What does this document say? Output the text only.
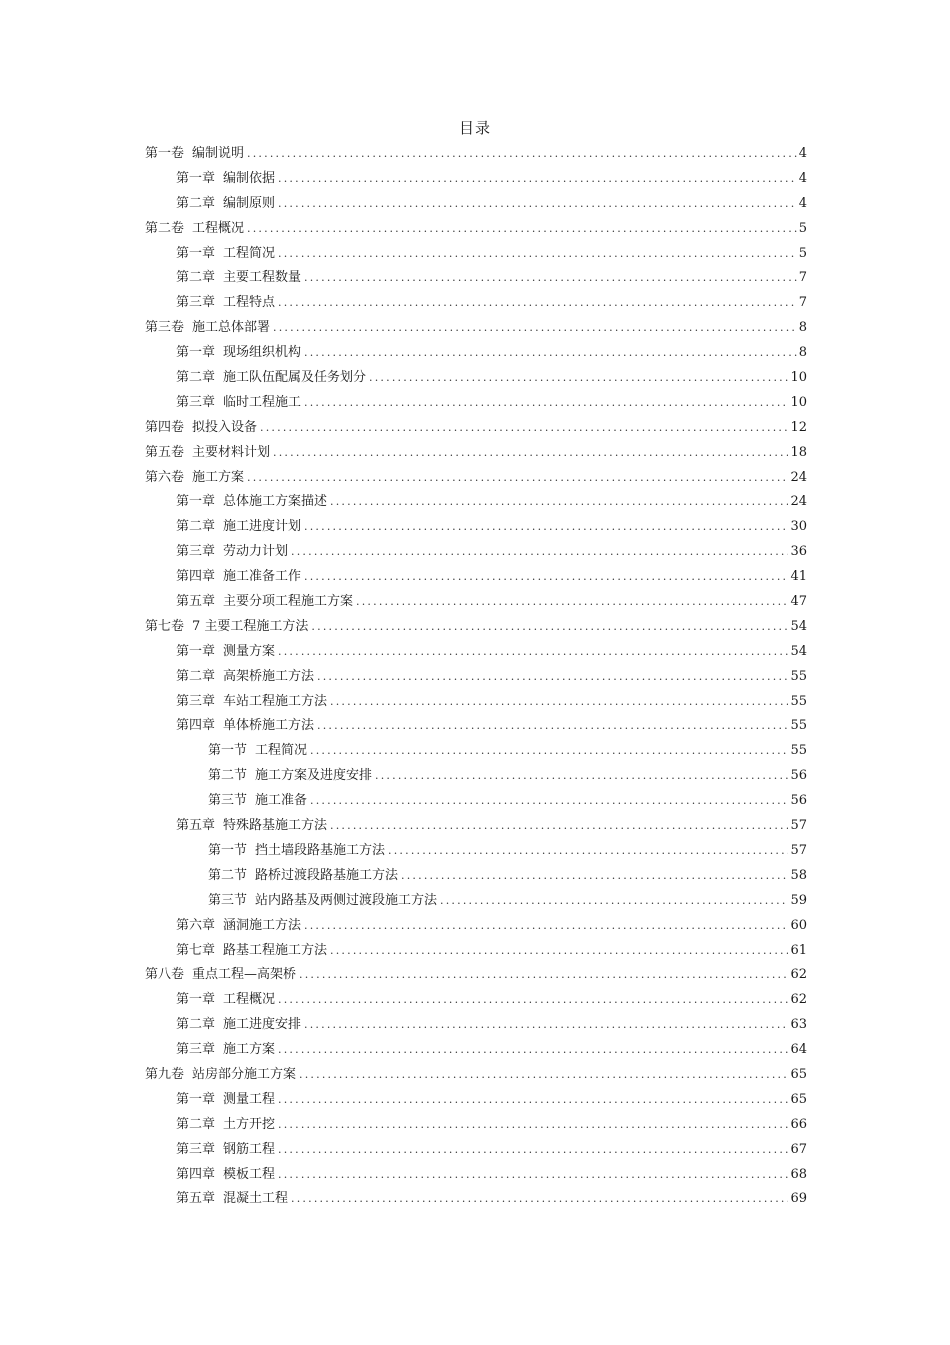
目录
第一卷 编制说明 .....	4
第一章 编制依据 .....	4
第二章 编制原则 .....	4
第二卷 工程概况 .....	5
第一章 工程简况 .....	5
第二章 主要工程数量 .....	7
第三章 工程特点 .....	7
第三卷 施工总体部署 .....	8
第一章 现场组织机构 .....	8
第二章 施工队伍配属及任务划分 .....	10
第三章 临时工程施工 .....	10
第四卷 拟投入设备 .....	12
第五卷 主要材料计划 .....	18
第六卷 施工方案 .....	24
第一章 总体施工方案描述 .....	24
第二章 施工进度计划 .....	30
第三章 劳动力计划 .....	36
第四章 施工准备工作 .....	41
第五章 主要分项工程施工方案 .....	47
第七卷 7 主要工程施工方法 .....	54
第一章 测量方案 .....	54
第二章 高架桥施工方法 .....	55
第三章 车站工程施工方法 .....	55
第四章 单体桥施工方法 .....	55
第一节 工程简况 .....	55
第二节 施工方案及进度安排 .....	56
第三节 施工准备 .....	56
第五章 特殊路基施工方法 .....	57
第一节 挡土墙段路基施工方法 .....	57
第二节 路桥过渡段路基施工方法 .....	58
第三节 站内路基及两侧过渡段施工方法 .....	59
第六章 涵洞施工方法 .....	60
第七章 路基工程施工方法 .....	61
第八卷 重点工程—高架桥 .....	62
第一章 工程概况 .....	62
第二章 施工进度安排 .....	63
第三章 施工方案 .....	64
第九卷 站房部分施工方案 .....	65
第一章 测量工程 .....	65
第二章 土方开挖 .....	66
第三章 钢筋工程 .....	67
第四章 模板工程 .....	68
第五章 混凝土工程 .....	69
